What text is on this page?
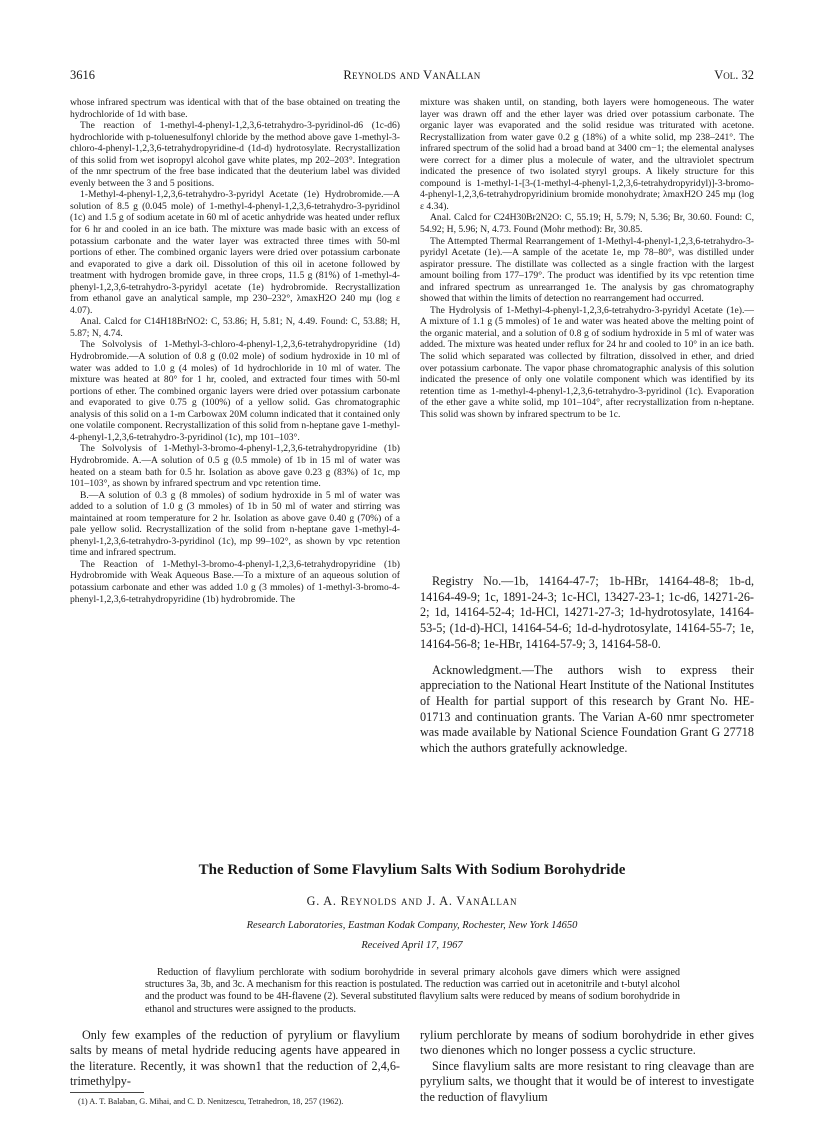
3616	Reynolds and VanAllan	Vol. 32

whose infrared spectrum was identical with that of the base obtained on treating the hydrochloride of 1d with base.

The reaction of 1-methyl-4-phenyl-1,2,3,6-tetrahydro-3-pyridinol-d6 (1c-d6) hydrochloride with p-toluenesulfonyl chloride by the method above gave 1-methyl-3-chloro-4-phenyl-1,2,3,6-tetrahydropyridine-d (1d-d) hydrotosylate. Recrystallization of this solid from wet isopropyl alcohol gave white plates, mp 202–203°. Integration of the nmr spectrum of the free base indicated that the deuterium label was divided evenly between the 3 and 5 positions.

1-Methyl-4-phenyl-1,2,3,6-tetrahydro-3-pyridyl Acetate (1e) Hydrobromide.—A solution of 8.5 g (0.045 mole) of 1-methyl-4-phenyl-1,2,3,6-tetrahydro-3-pyridinol (1c) and 1.5 g of sodium acetate in 60 ml of acetic anhydride was heated under reflux for 6 hr and cooled in an ice bath. The mixture was made basic with an excess of potassium carbonate and the water layer was extracted three times with 50-ml portions of ether. The combined organic layers were dried over potassium carbonate and evaporated to give a dark oil. Dissolution of this oil in acetone followed by treatment with hydrogen bromide gave, in three crops, 11.5 g (81%) of 1-methyl-4-phenyl-1,2,3,6-tetrahydro-3-pyridyl acetate (1e) hydrobromide. Recrystallization from ethanol gave an analytical sample, mp 230–232°, λmaxH2O 240 mμ (log ε 4.07).

Anal. Calcd for C14H18BrNO2: C, 53.86; H, 5.81; N, 4.49. Found: C, 53.88; H, 5.87; N, 4.74.

The Solvolysis of 1-Methyl-3-chloro-4-phenyl-1,2,3,6-tetrahydropyridine (1d) Hydrobromide.—A solution of 0.8 g (0.02 mole) of sodium hydroxide in 10 ml of water was added to 1.0 g (4 moles) of 1d hydrochloride in 10 ml of water. The mixture was heated at 80° for 1 hr, cooled, and extracted four times with 50-ml portions of ether. The combined organic layers were dried over potassium carbonate and evaporated to give 0.75 g (100%) of a yellow solid. Gas chromatographic analysis of this solid on a 1-m Carbowax 20M column indicated that it contained only one volatile component. Recrystallization of this solid from n-heptane gave 1-methyl-4-phenyl-1,2,3,6-tetrahydro-3-pyridinol (1c), mp 101–103°.

The Solvolysis of 1-Methyl-3-bromo-4-phenyl-1,2,3,6-tetrahydropyridine (1b) Hydrobromide. A.—A solution of 0.5 g (0.5 mmole) of 1b in 15 ml of water was heated on a steam bath for 0.5 hr. Isolation as above gave 0.23 g (83%) of 1c, mp 101–103°, as shown by infrared spectrum and vpc retention time.

B.—A solution of 0.3 g (8 mmoles) of sodium hydroxide in 5 ml of water was added to a solution of 1.0 g (3 mmoles) of 1b in 50 ml of water and stirring was maintained at room temperature for 2 hr. Isolation as above gave 0.40 g (70%) of a pale yellow solid. Recrystallization of the solid from n-heptane gave 1-methyl-4-phenyl-1,2,3,6-tetrahydro-3-pyridinol (1c), mp 99–102°, as shown by vpc retention time and infrared spectrum.

The Reaction of 1-Methyl-3-bromo-4-phenyl-1,2,3,6-tetrahydropyridine (1b) Hydrobromide with Weak Aqueous Base.—To a mixture of an aqueous solution of potassium carbonate and ether was added 1.0 g (3 mmoles) of 1-methyl-3-bromo-4-phenyl-1,2,3,6-tetrahydropyridine (1b) hydrobromide. The

mixture was shaken until, on standing, both layers were homogeneous. The water layer was drawn off and the ether layer was dried over potassium carbonate. The organic layer was evaporated and the solid residue was triturated with acetone. Recrystallization from water gave 0.2 g (18%) of a white solid, mp 238–241°. The infrared spectrum of the solid had a broad band at 3400 cm−1; the elemental analyses were correct for a dimer plus a molecule of water, and the ultraviolet spectrum indicated the presence of two isolated styryl groups. A likely structure for this compound is 1-methyl-1-[3-(1-methyl-4-phenyl-1,2,3,6-tetrahydropyridyl)]-3-bromo-4-phenyl-1,2,3,6-tetrahydropyridinium bromide monohydrate; λmaxH2O 245 mμ (log ε 4.34).

Anal. Calcd for C24H30Br2N2O: C, 55.19; H, 5.79; N, 5.36; Br, 30.60. Found: C, 54.92; H, 5.96; N, 4.73. Found (Mohr method): Br, 30.85.

The Attempted Thermal Rearrangement of 1-Methyl-4-phenyl-1,2,3,6-tetrahydro-3-pyridyl Acetate (1e).—A sample of the acetate 1e, mp 78–80°, was distilled under aspirator pressure. The distillate was collected as a single fraction with the largest amount boiling from 177–179°. The product was identified by its vpc retention time and infrared spectrum as unrearranged 1e. The analysis by gas chromatography showed that within the limits of detection no rearrangement had occurred.

The Hydrolysis of 1-Methyl-4-phenyl-1,2,3,6-tetrahydro-3-pyridyl Acetate (1e).—A mixture of 1.1 g (5 mmoles) of 1e and water was heated above the melting point of the organic material, and a solution of 0.8 g of sodium hydroxide in 5 ml of water was added. The mixture was heated under reflux for 24 hr and cooled to 10° in an ice bath. The solid which separated was collected by filtration, dissolved in ether, and dried over potassium carbonate. The vapor phase chromatographic analysis of this solution indicated the presence of only one volatile component which was identified by its retention time as 1-methyl-4-phenyl-1,2,3,6-tetrahydro-3-pyridinol (1c). Evaporation of the ether gave a white solid, mp 101–104°, after recrystallization from n-heptane. This solid was shown by infrared spectrum to be 1c.

Registry No.—1b, 14164-47-7; 1b-HBr, 14164-48-8; 1b-d, 14164-49-9; 1c, 1891-24-3; 1c-HCl, 13427-23-1; 1c-d6, 14271-26-2; 1d, 14164-52-4; 1d-HCl, 14271-27-3; 1d-hydrotosylate, 14164-53-5; (1d-d)-HCl, 14164-54-6; 1d-d-hydrotosylate, 14164-55-7; 1e, 14164-56-8; 1e-HBr, 14164-57-9; 3, 14164-58-0.

Acknowledgment.—The authors wish to express their appreciation to the National Heart Institute of the National Institutes of Health for partial support of this research by Grant No. HE-01713 and continuation grants. The Varian A-60 nmr spectrometer was made available by National Science Foundation Grant G 27718 which the authors gratefully acknowledge.

The Reduction of Some Flavylium Salts With Sodium Borohydride
G. A. Reynolds and J. A. VanAllan
Research Laboratories, Eastman Kodak Company, Rochester, New York 14650
Received April 17, 1967

Reduction of flavylium perchlorate with sodium borohydride in several primary alcohols gave dimers which were assigned structures 3a, 3b, and 3c. A mechanism for this reaction is postulated. The reduction was carried out in acetonitrile and t-butyl alcohol and the product was found to be 4H-flavene (2). Several substituted flavylium salts were reduced by means of sodium borohydride in ethanol and structures were assigned to the products.

Only few examples of the reduction of pyrylium or flavylium salts by means of metal hydride reducing agents have appeared in the literature. Recently, it was shown1 that the reduction of 2,4,6-trimethylpy-

(1) A. T. Balaban, G. Mihai, and C. D. Nenitzescu, Tetrahedron, 18, 257 (1962).

rylium perchlorate by means of sodium borohydride in ether gives two dienones which no longer possess a cyclic structure.

Since flavylium salts are more resistant to ring cleavage than are pyrylium salts, we thought that it would be of interest to investigate the reduction of flavylium
